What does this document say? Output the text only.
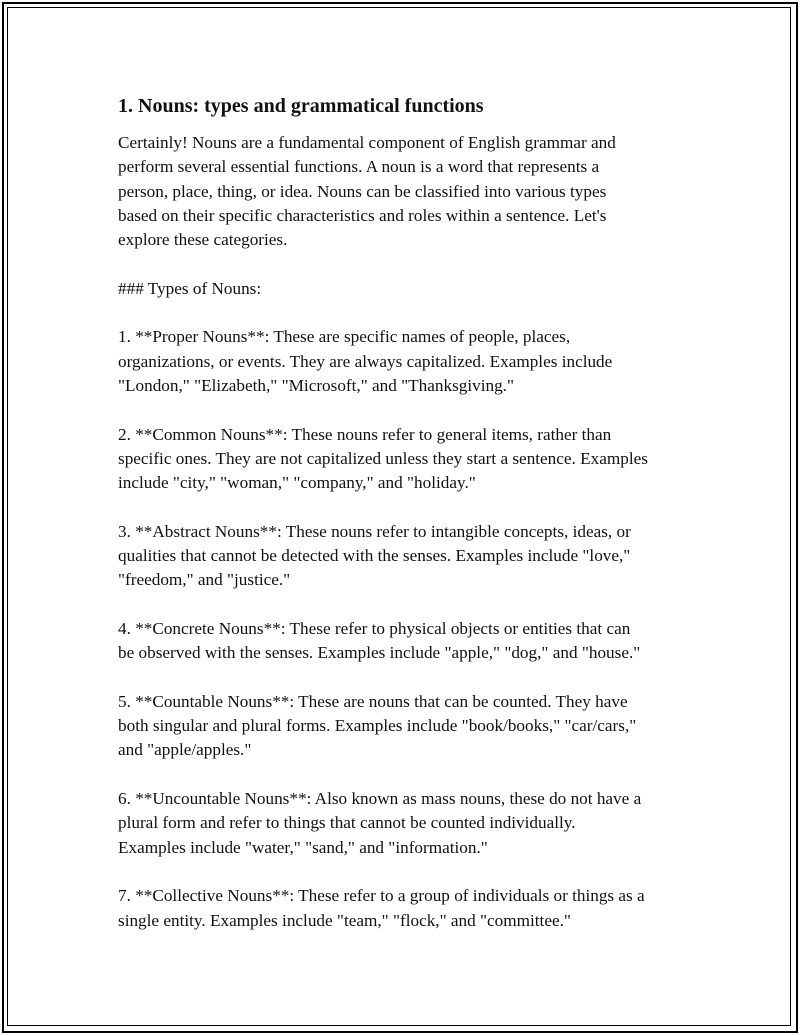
1. Nouns: types and grammatical functions

Certainly! Nouns are a fundamental component of English grammar and
perform several essential functions. A noun is a word that represents a
person, place, thing, or idea. Nouns can be classified into various types
based on their specific characteristics and roles within a sentence. Let's
explore these categories.

### Types of Nouns:

1. **Proper Nouns**: These are specific names of people, places,
organizations, or events. They are always capitalized. Examples include
"London," "Elizabeth," "Microsoft," and "Thanksgiving."

2. **Common Nouns**: These nouns refer to general items, rather than
specific ones. They are not capitalized unless they start a sentence. Examples
include "city," "woman," "company," and "holiday."

3. **Abstract Nouns**: These nouns refer to intangible concepts, ideas, or
qualities that cannot be detected with the senses. Examples include "love,"
"freedom," and "justice."

4. **Concrete Nouns**: These refer to physical objects or entities that can
be observed with the senses. Examples include "apple," "dog," and "house."

5. **Countable Nouns**: These are nouns that can be counted. They have
both singular and plural forms. Examples include "book/books," "car/cars,"
and "apple/apples."

6. **Uncountable Nouns**: Also known as mass nouns, these do not have a
plural form and refer to things that cannot be counted individually.
Examples include "water," "sand," and "information."

7. **Collective Nouns**: These refer to a group of individuals or things as a
single entity. Examples include "team," "flock," and "committee."
